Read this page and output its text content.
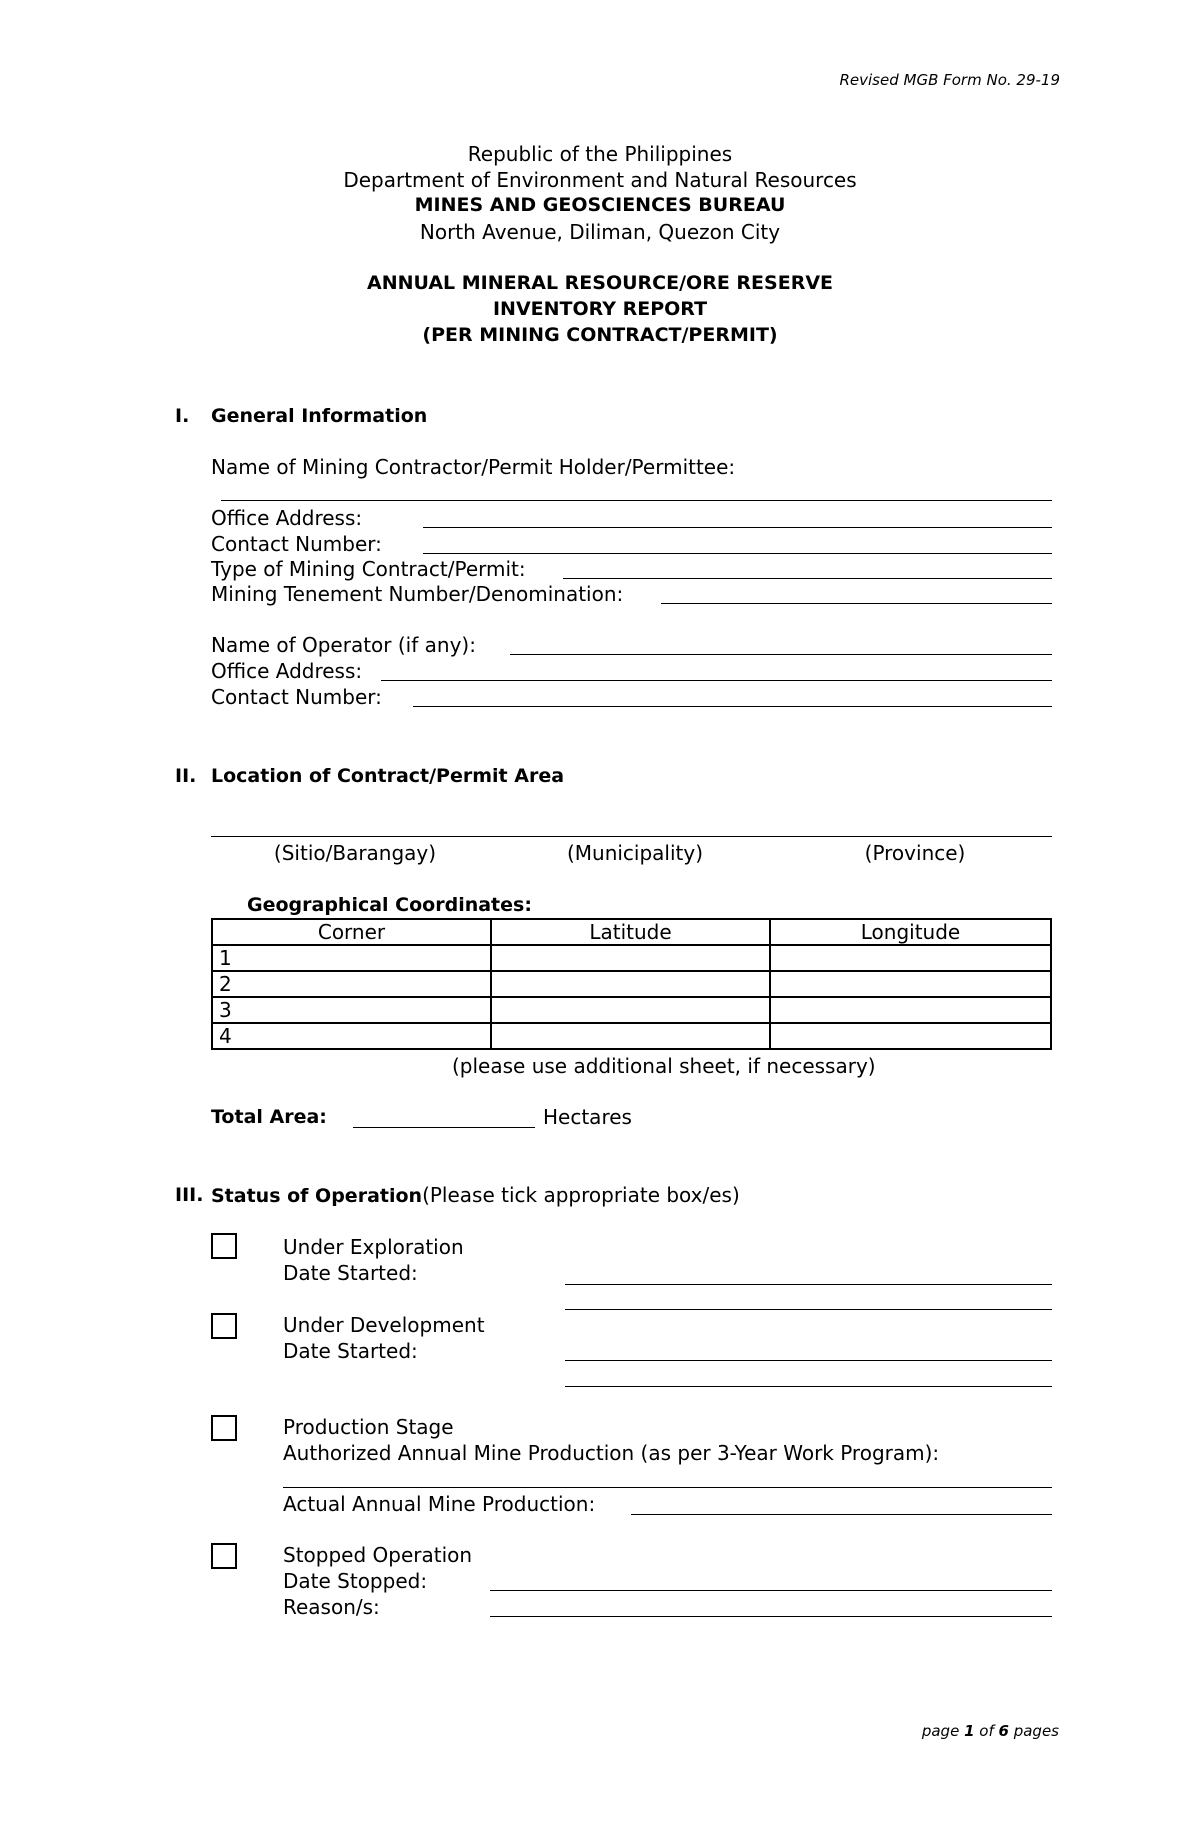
Revised MGB Form No. 29-19
Republic of the Philippines
Department of Environment and Natural Resources
MINES AND GEOSCIENCES BUREAU
North Avenue, Diliman, Quezon City
ANNUAL MINERAL RESOURCE/ORE RESERVE
INVENTORY REPORT
(PER MINING CONTRACT/PERMIT)
I. General Information
Name of Mining Contractor/Permit Holder/Permittee:
Office Address:
Contact Number:
Type of Mining Contract/Permit:
Mining Tenement Number/Denomination:
Name of Operator (if any):
Office Address:
Contact Number:
II. Location of Contract/Permit Area
(Sitio/Barangay)	(Municipality)	(Province)
Geographical Coordinates:
Corner	Latitude	Longitude
1		
2		
3		
4		
(please use additional sheet, if necessary)
Total Area:	Hectares
III. Status of Operation(Please tick appropriate box/es)
Under Exploration
Date Started:
Under Development
Date Started:
Production Stage
Authorized Annual Mine Production (as per 3-Year Work Program):
Actual Annual Mine Production:
Stopped Operation
Date Stopped:
Reason/s:
page 1 of 6 pages
